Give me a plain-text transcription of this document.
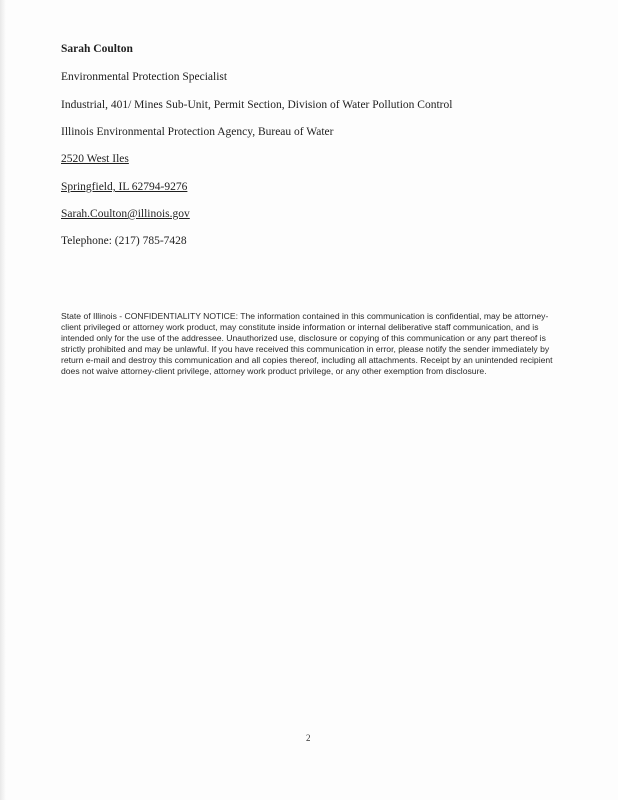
Sarah Coulton
Environmental Protection Specialist
Industrial, 401/ Mines Sub-Unit, Permit Section, Division of Water Pollution Control
Illinois Environmental Protection Agency, Bureau of Water
2520 West Iles
Springfield, IL 62794-9276
Sarah.Coulton@illinois.gov
Telephone: (217) 785-7428
State of Illinois - CONFIDENTIALITY NOTICE: The information contained in this communication is confidential, may be attorney-client privileged or attorney work product, may constitute inside information or internal deliberative staff communication, and is intended only for the use of the addressee. Unauthorized use, disclosure or copying of this communication or any part thereof is strictly prohibited and may be unlawful. If you have received this communication in error, please notify the sender immediately by return e-mail and destroy this communication and all copies thereof, including all attachments. Receipt by an unintended recipient does not waive attorney-client privilege, attorney work product privilege, or any other exemption from disclosure.
2
